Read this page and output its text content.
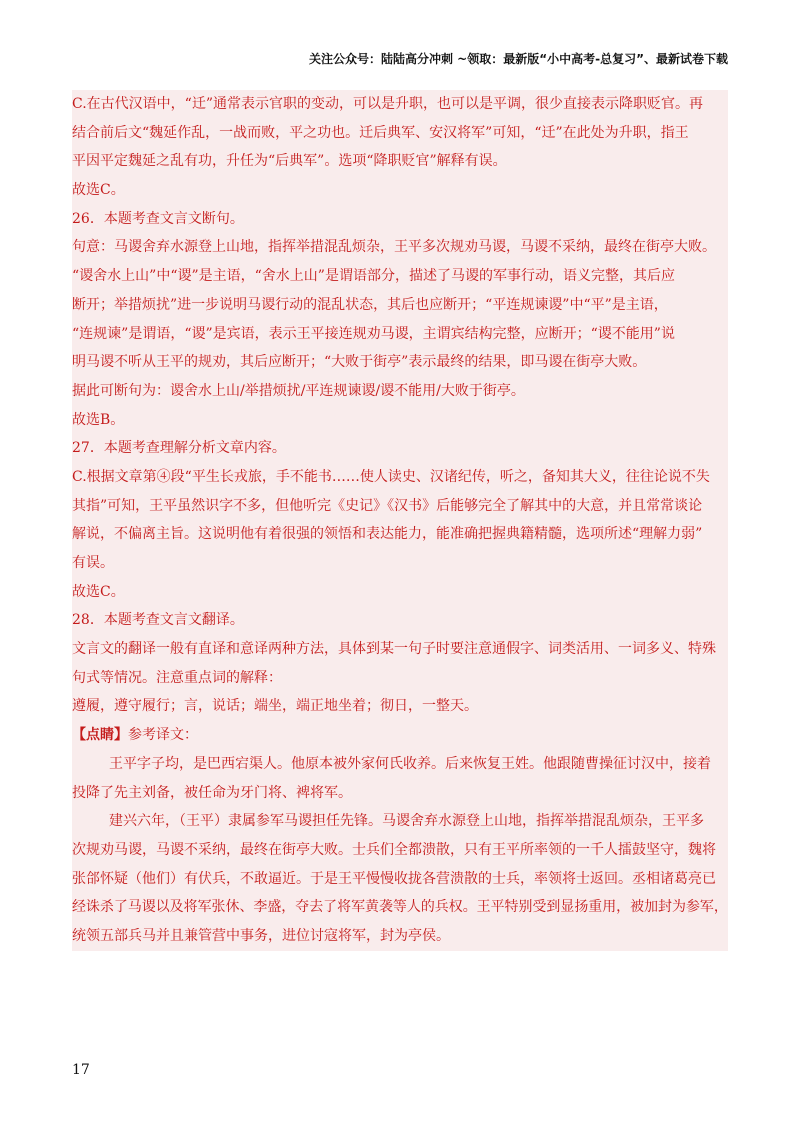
关注公众号：陆陆高分冲刺 ~领取：最新版“小中高考-总复习”、最新试卷下载
C.在古代汉语中，“迁”通常表示官职的变动，可以是升职，也可以是平调，很少直接表示降职贬官。再
结合前后文“魏延作乱，一战而败，平之功也。迁后典军、安汉将军”可知，“迁”在此处为升职，指王
平因平定魏延之乱有功，升任为“后典军”。选项“降职贬官”解释有误。
故选C。
26．本题考查文言文断句。
句意：马谡舍弃水源登上山地，指挥举措混乱烦杂，王平多次规劝马谡，马谡不采纳，最终在街亭大败。
“谡舍水上山”中“谡”是主语，“舍水上山”是谓语部分，描述了马谡的军事行动，语义完整，其后应
断开；举措烦扰”进一步说明马谡行动的混乱状态，其后也应断开；“平连规谏谡”中“平”是主语，
“连规谏”是谓语，“谡”是宾语，表示王平接连规劝马谡，主谓宾结构完整，应断开；“谡不能用”说
明马谡不听从王平的规劝，其后应断开；“大败于街亭”表示最终的结果，即马谡在街亭大败。
据此可断句为：谡舍水上山/举措烦扰/平连规谏谡/谡不能用/大败于街亭。
故选B。
27．本题考查理解分析文章内容。
C.根据文章第④段“平生长戎旅，手不能书……使人读史、汉诸纪传，听之，备知其大义，往往论说不失
其指”可知，王平虽然识字不多，但他听完《史记》《汉书》后能够完全了解其中的大意，并且常常谈论
解说，不偏离主旨。这说明他有着很强的领悟和表达能力，能准确把握典籍精髓，选项所述“理解力弱”
有误。
故选C。
28．本题考查文言文翻译。
文言文的翻译一般有直译和意译两种方法，具体到某一句子时要注意通假字、词类活用、一词多义、特殊
句式等情况。注意重点词的解释：
遵履，遵守履行；言，说话；端坐，端正地坐着；彻日，一整天。
【点睛】参考译文：
王平字子均，是巴西宕渠人。他原本被外家何氏收养。后来恢复王姓。他跟随曹操征讨汉中，接着
投降了先主刘备，被任命为牙门将、裨将军。
建兴六年，（王平）隶属参军马谡担任先锋。马谡舍弃水源登上山地，指挥举措混乱烦杂，王平多
次规劝马谡，马谡不采纳，最终在街亭大败。士兵们全都溃散，只有王平所率领的一千人擂鼓坚守，魏将
张郃怀疑（他们）有伏兵，不敢逼近。于是王平慢慢收拢各营溃散的士兵，率领将士返回。丞相诸葛亮已
经诛杀了马谡以及将军张休、李盛，夺去了将军黄袭等人的兵权。王平特别受到显扬重用，被加封为参军，
统领五部兵马并且兼管营中事务，进位讨寇将军，封为亭侯。
17
